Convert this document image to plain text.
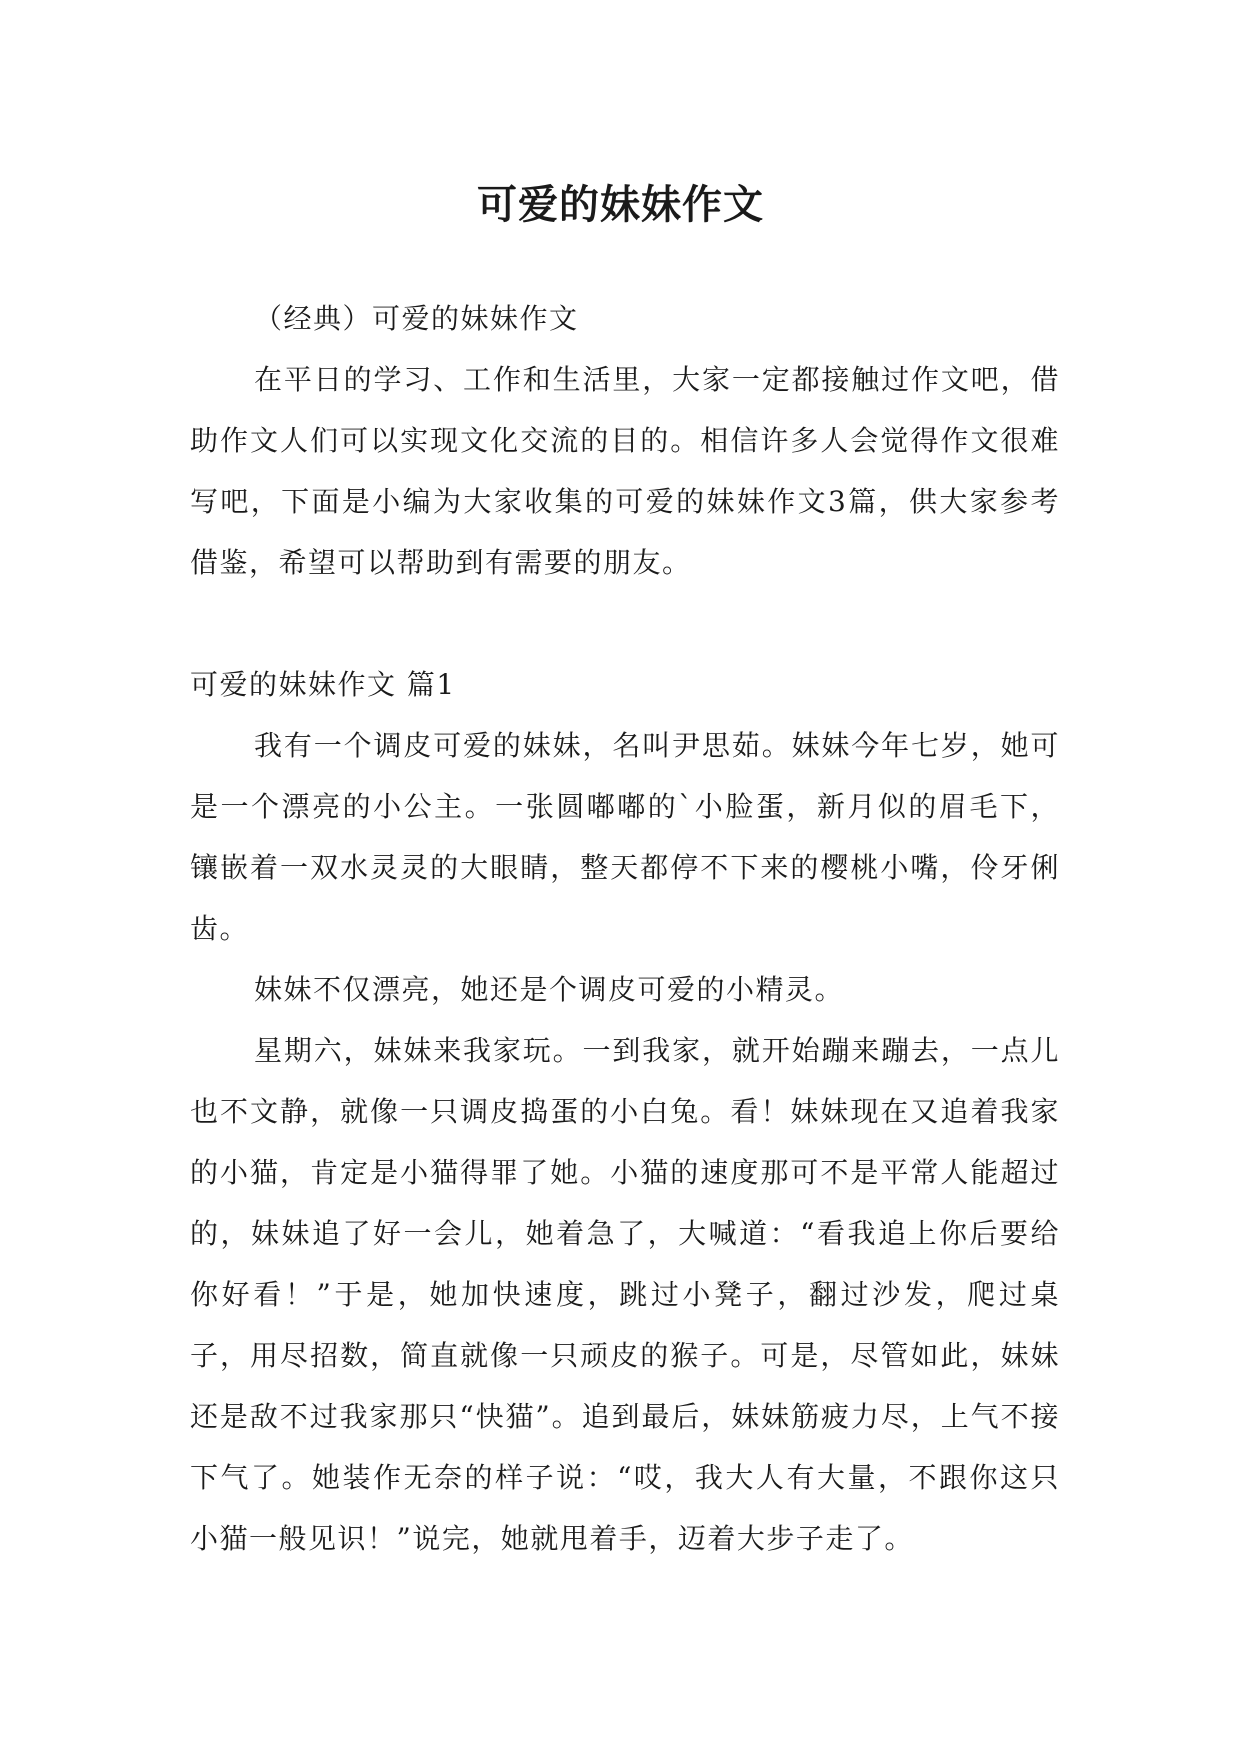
可爱的妹妹作文

（经典）可爱的妹妹作文

在平日的学习、工作和生活里，大家一定都接触过作文吧，借助作文人们可以实现文化交流的目的。相信许多人会觉得作文很难写吧，下面是小编为大家收集的可爱的妹妹作文3篇，供大家参考借鉴，希望可以帮助到有需要的朋友。

可爱的妹妹作文 篇1

我有一个调皮可爱的妹妹，名叫尹思茹。妹妹今年七岁，她可是一个漂亮的小公主。一张圆嘟嘟的`小脸蛋，新月似的眉毛下，镶嵌着一双水灵灵的大眼睛，整天都停不下来的樱桃小嘴，伶牙俐齿。

妹妹不仅漂亮，她还是个调皮可爱的小精灵。

星期六，妹妹来我家玩。一到我家，就开始蹦来蹦去，一点儿也不文静，就像一只调皮捣蛋的小白兔。看！妹妹现在又追着我家的小猫，肯定是小猫得罪了她。小猫的速度那可不是平常人能超过的，妹妹追了好一会儿，她着急了，大喊道：“看我追上你后要给你好看！”于是，她加快速度，跳过小凳子，翻过沙发，爬过桌子，用尽招数，简直就像一只顽皮的猴子。可是，尽管如此，妹妹还是敌不过我家那只“快猫”。追到最后，妹妹筋疲力尽，上气不接下气了。她装作无奈的样子说：“哎，我大人有大量，不跟你这只小猫一般见识！”说完，她就甩着手，迈着大步子走了。
